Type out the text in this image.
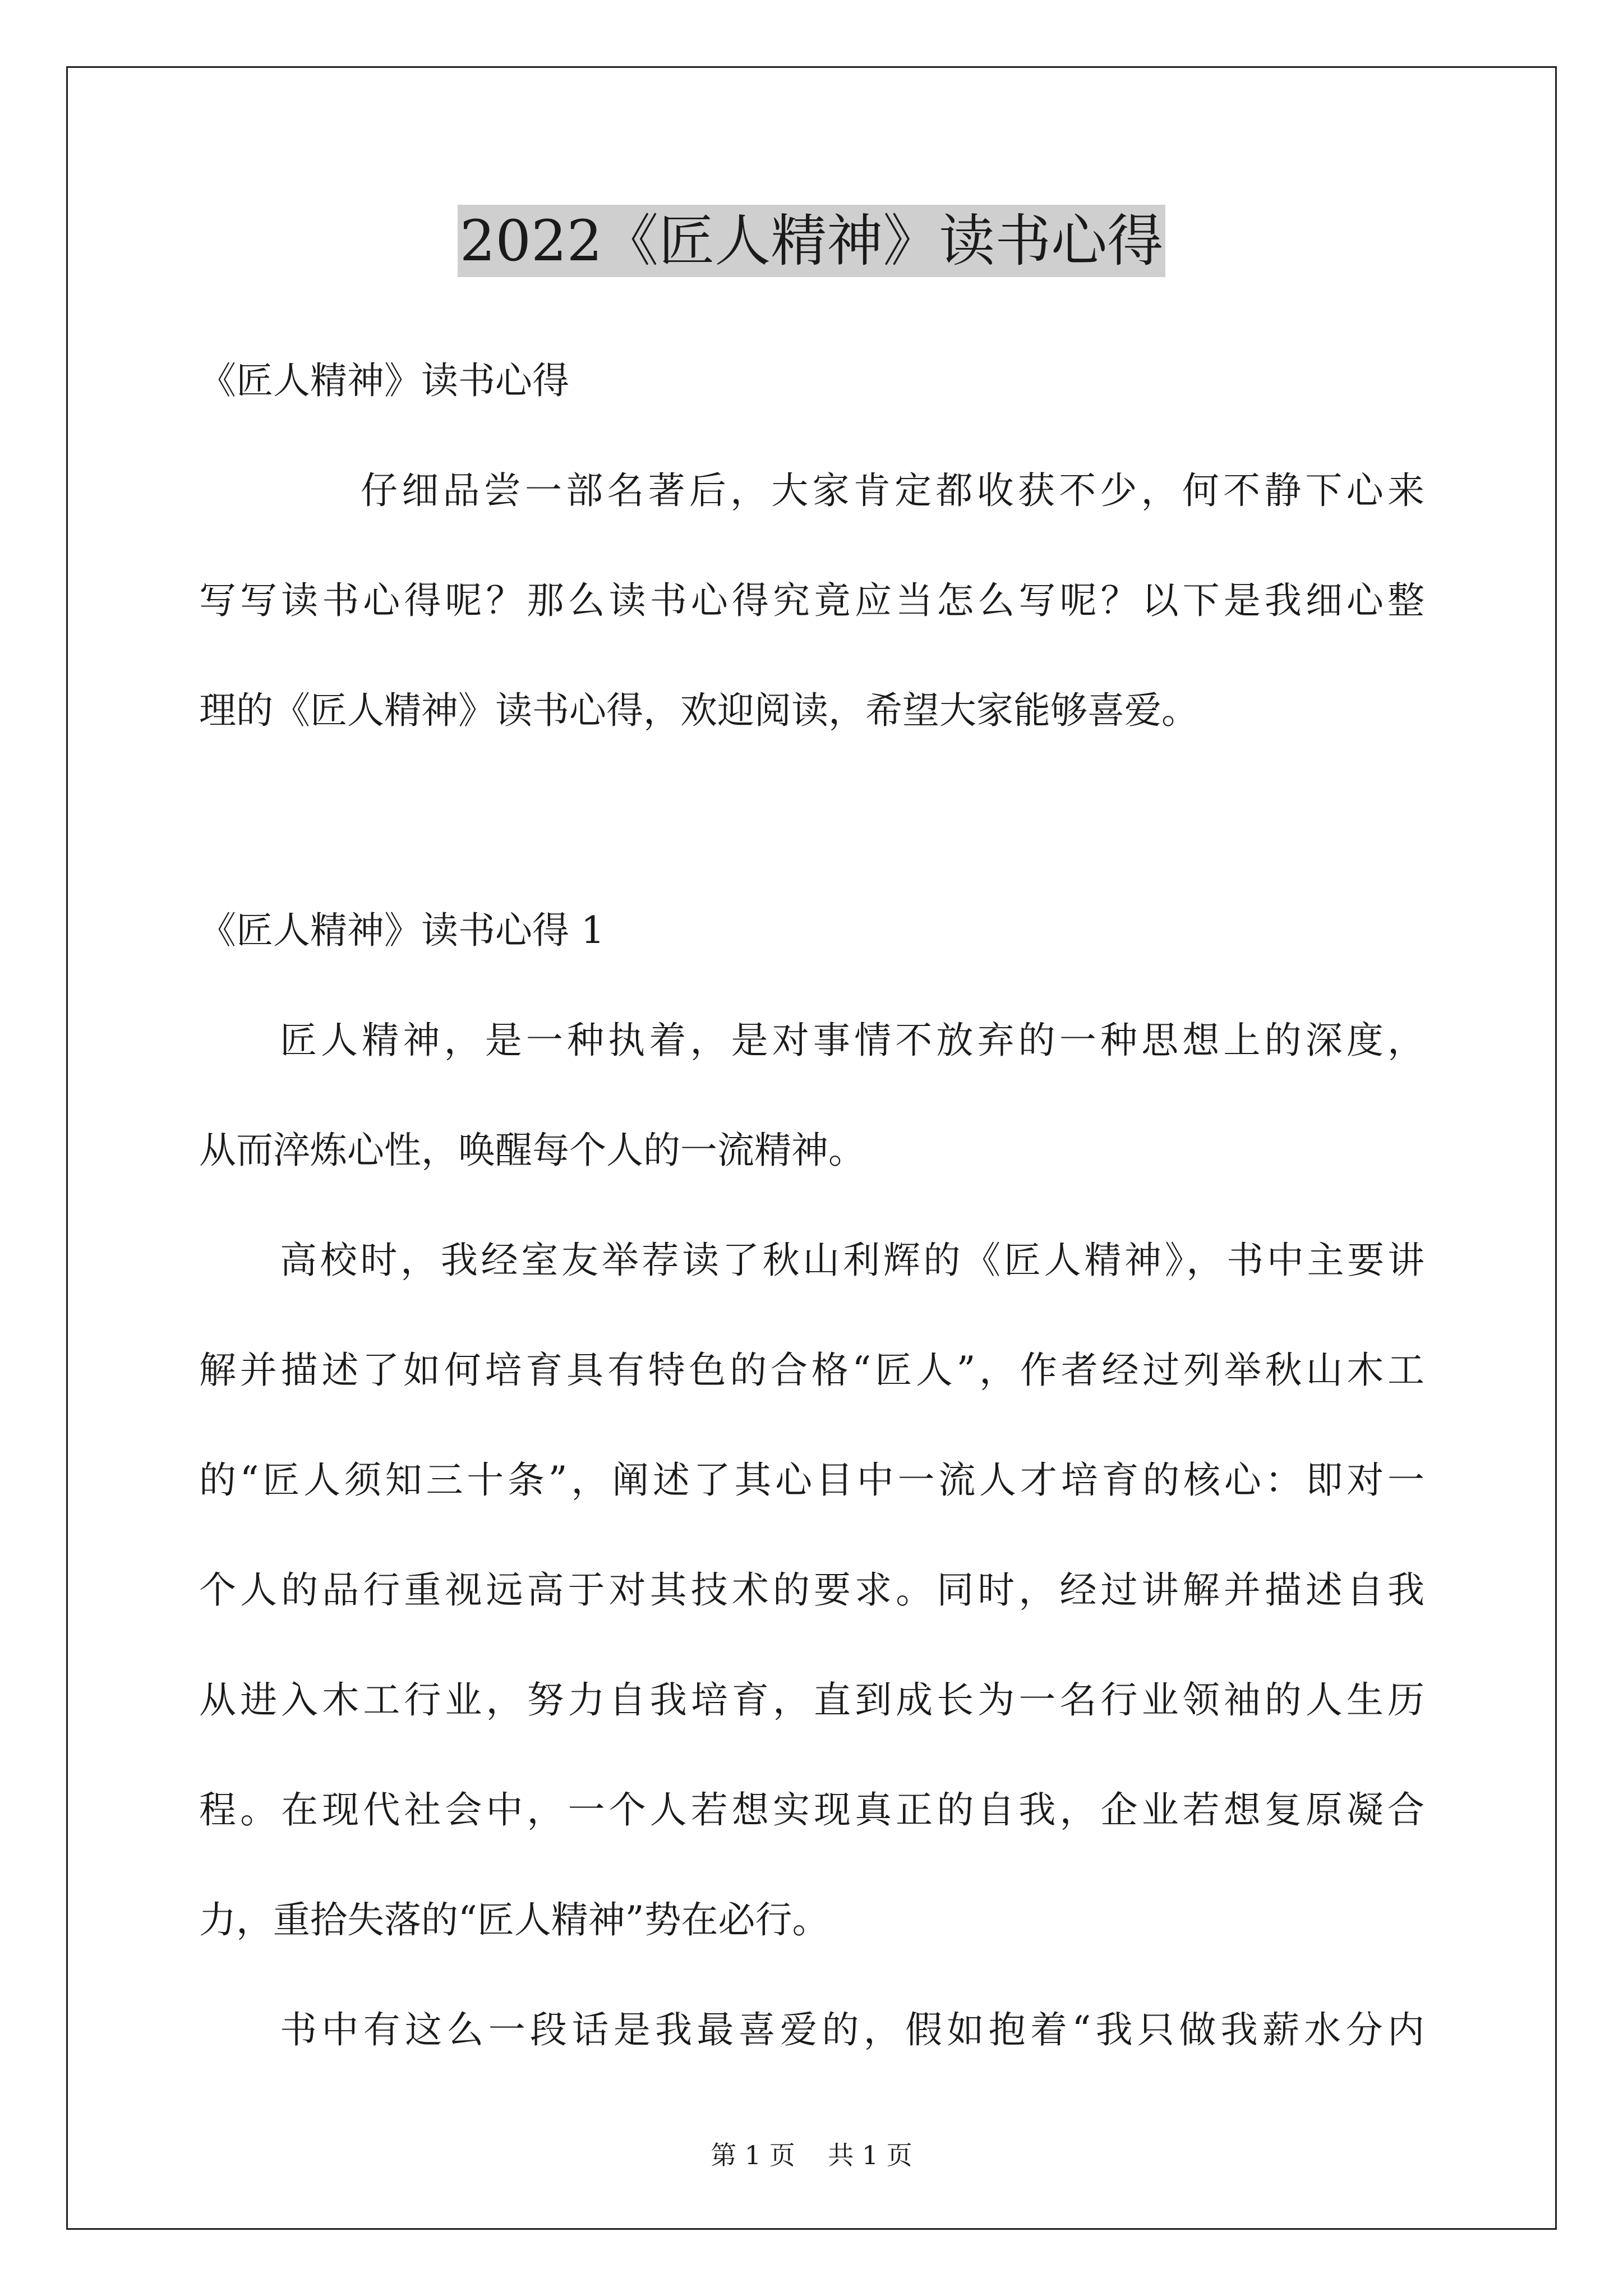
2022《匠人精神》读书心得
《匠人精神》读书心得
仔细品尝一部名著后，大家肯定都收获不少，何不静下心来
写写读书心得呢？那么读书心得究竟应当怎么写呢？以下是我细心整
理的《匠人精神》读书心得，欢迎阅读，希望大家能够喜爱。
《匠人精神》读书心得 1
匠人精神，是一种执着，是对事情不放弃的一种思想上的深度，
从而淬炼心性，唤醒每个人的一流精神。
高校时，我经室友举荐读了秋山利辉的《匠人精神》，书中主要讲
解并描述了如何培育具有特色的合格“匠人”，作者经过列举秋山木工
的“匠人须知三十条”，阐述了其心目中一流人才培育的核心：即对一
个人的品行重视远高于对其技术的要求。同时，经过讲解并描述自我
从进入木工行业，努力自我培育，直到成长为一名行业领袖的人生历
程。在现代社会中，一个人若想实现真正的自我，企业若想复原凝合
力，重拾失落的“匠人精神”势在必行。
书中有这么一段话是我最喜爱的，假如抱着“我只做我薪水分内
第 1 页    共 1 页
